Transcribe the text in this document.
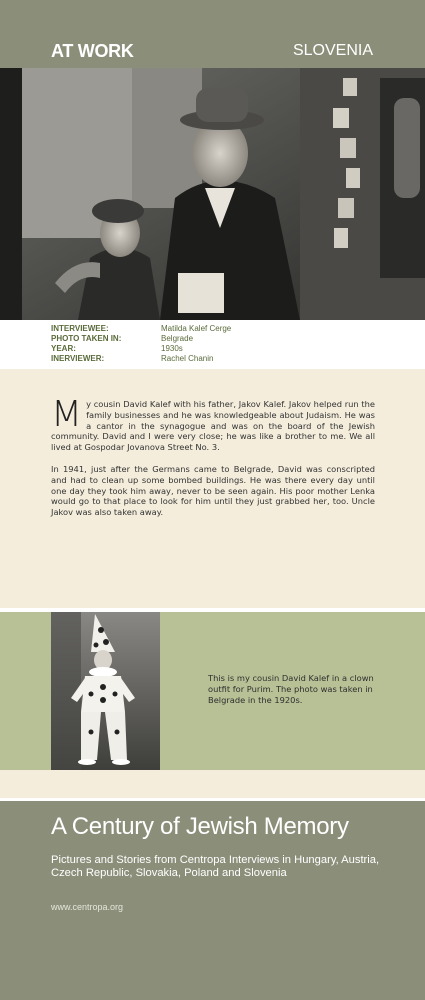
AT WORK	SLOVENIA
INTERVIEWEE:	Matilda Kalef Cerge
PHOTO TAKEN IN:	Belgrade
YEAR:	1930s
INERVIEWER:	Rachel Chanin

My cousin David Kalef with his father, Jakov Kalef. Jakov helped run the family businesses and he was knowledgeable about Judaism. He was a cantor in the synagogue and was on the board of the Jewish community. David and I were very close; he was like a brother to me. We all lived at Gospodar Jovanova Street No. 3.

In 1941, just after the Germans came to Belgrade, David was conscripted and had to clean up some bombed buildings. He was there every day until one day they took him away, never to be seen again. His poor mother Lenka would go to that place to look for him until they just grabbed her, too. Uncle Jakov was also taken away.

This is my cousin David Kalef in a clown outfit for Purim. The photo was taken in Belgrade in the 1920s.
A Century of Jewish Memory
Pictures and Stories from Centropa Interviews in Hungary, Austria, Czech Republic, Slovakia, Poland and Slovenia
www.centropa.org
